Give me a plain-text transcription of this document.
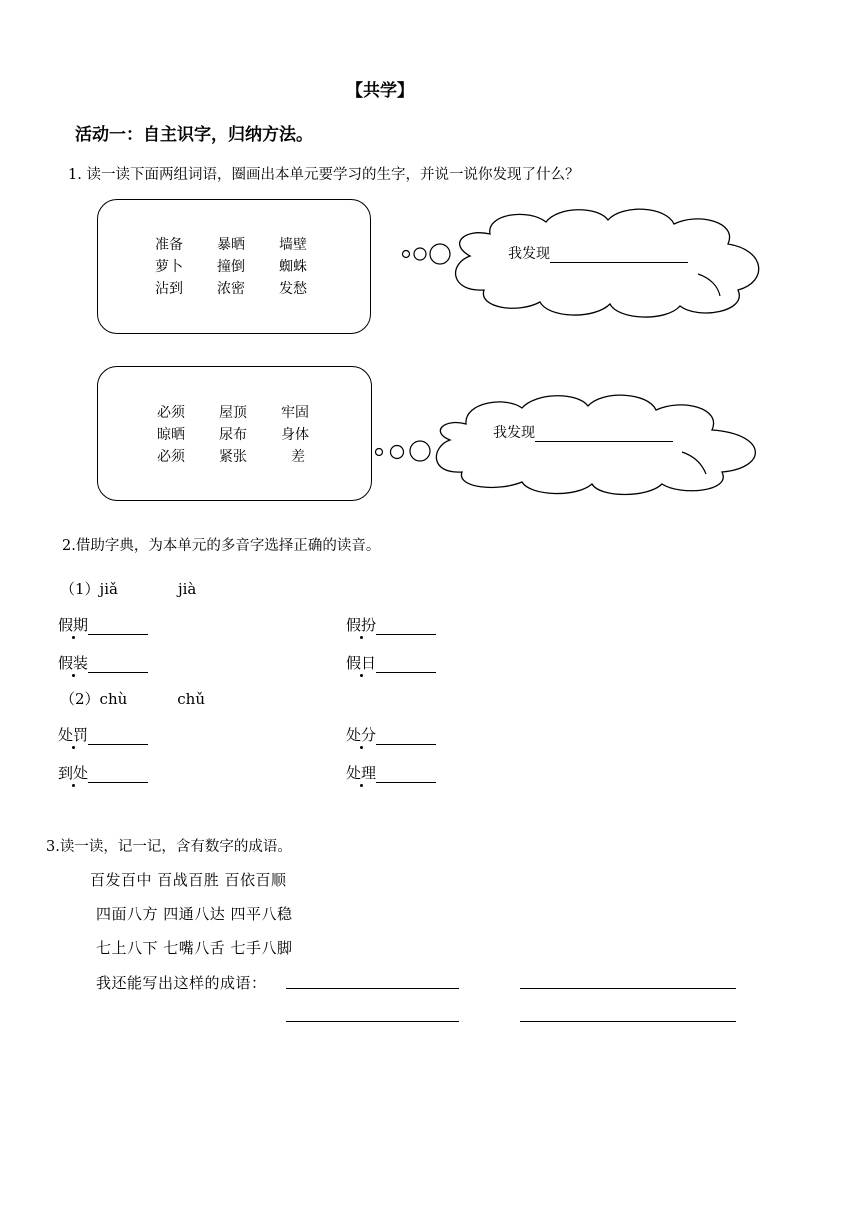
【共学】
活动一：自主识字，归纳方法。
1. 读一读下面两组词语，圈画出本单元要学习的生字，并说一说你发现了什么？
准备	暴晒	墙壁
萝卜	撞倒	蜘蛛
沾到	浓密	发愁
我发现
必须	屋顶	牢固
晾晒	尿布	身体
必须	紧张	差
我发现
2.借助字典，为本单元的多音字选择正确的读音。
（1）jiǎ	jià
假期	假扮
假装	假日
（2）chù	chǔ
处罚	处分
到处	处理
3.读一读，记一记，含有数字的成语。
百发百中 百战百胜 百依百顺
四面八方 四通八达 四平八稳
七上八下 七嘴八舌 七手八脚
我还能写出这样的成语：
